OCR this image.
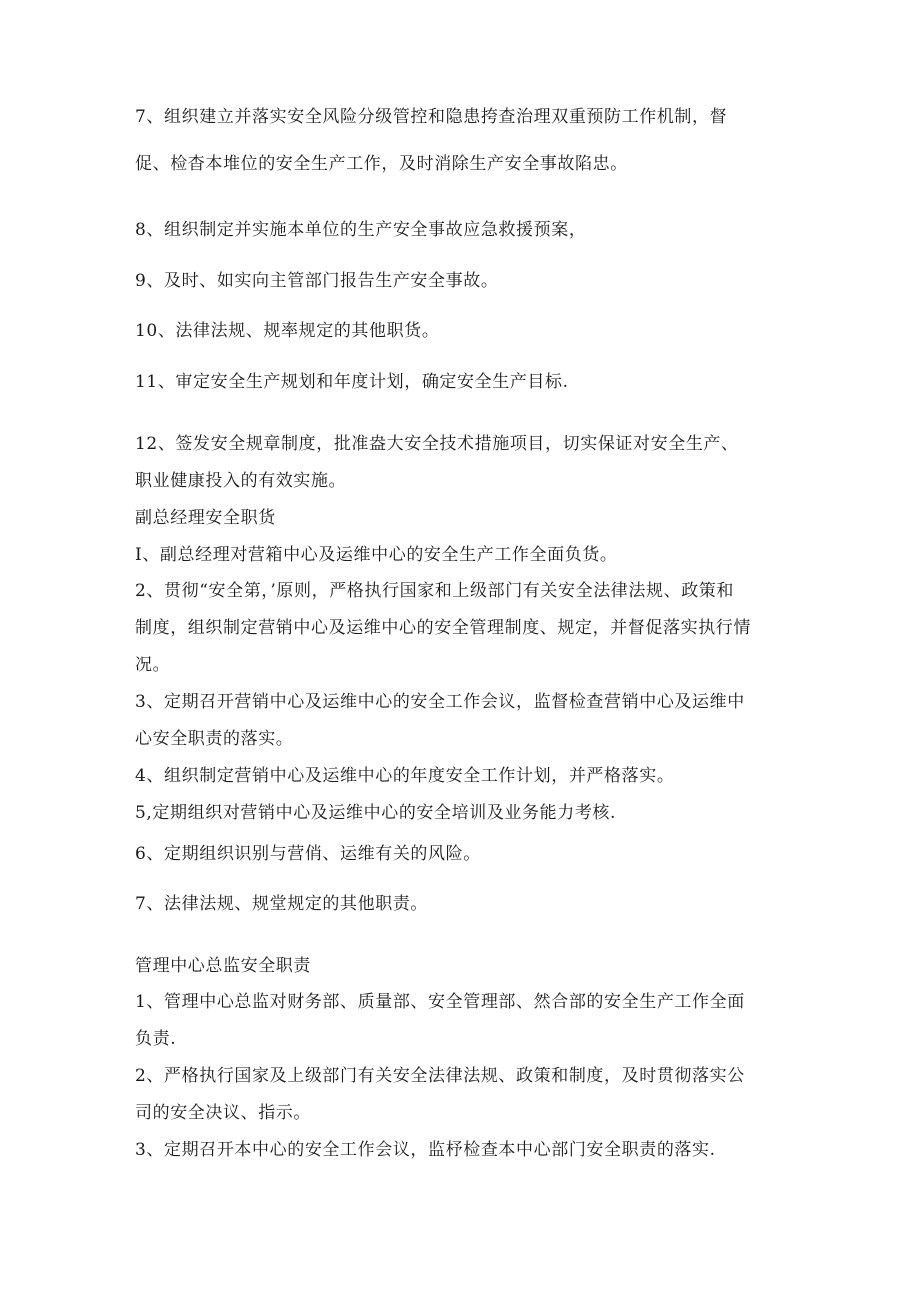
7、组织建立并落实安全风险分级管控和隐患挎查治理双重预防工作机制，督
促、检杳本堆位的安全生产工作，及时消除生产安全事故陷忠。
8、组织制定并实施本单位的生产安全事故应急救援预案，
9、及时、如实向主管部门报告生产安全事故。
10、法律法规、规率规定的其他职货。
11、审定安全生产规划和年度计划，确定安全生产目标.
12、签发安全规章制度，批准盎大安全技术措施项目，切实保证对安全生产、
职业健康投入的有效实施。
副总经理安全职货
I、副总经理对营箱中心及运维中心的安全生产工作全面负货。
2、贯彻“安全第，’原则，严格执行国家和上级部门有关安全法律法规、政策和
制度，组织制定营销中心及运维中心的安全管理制度、规定，并督促落实执行情
况。
3、定期召开营销中心及运维中心的安全工作会议，监督检查营销中心及运维中
心安全职责的落实。
4、组织制定营销中心及运维中心的年度安全工作计划，并严格落实。
5,定期组织对营销中心及运维中心的安全培训及业务能力考核.
6、定期组织识别与营俏、运维有关的风险。
7、法律法规、规堂规定的其他职责。
管理中心总监安全职责
1、管理中心总监对财务部、质量部、安全管理部、然合部的安全生产工作全面
负责.
2、严格执行国家及上级部门有关安全法律法规、政策和制度，及时贯彻落实公
司的安全决议、指示。
3、定期召开本中心的安全工作会议，监杼检查本中心部门安全职责的落实.
